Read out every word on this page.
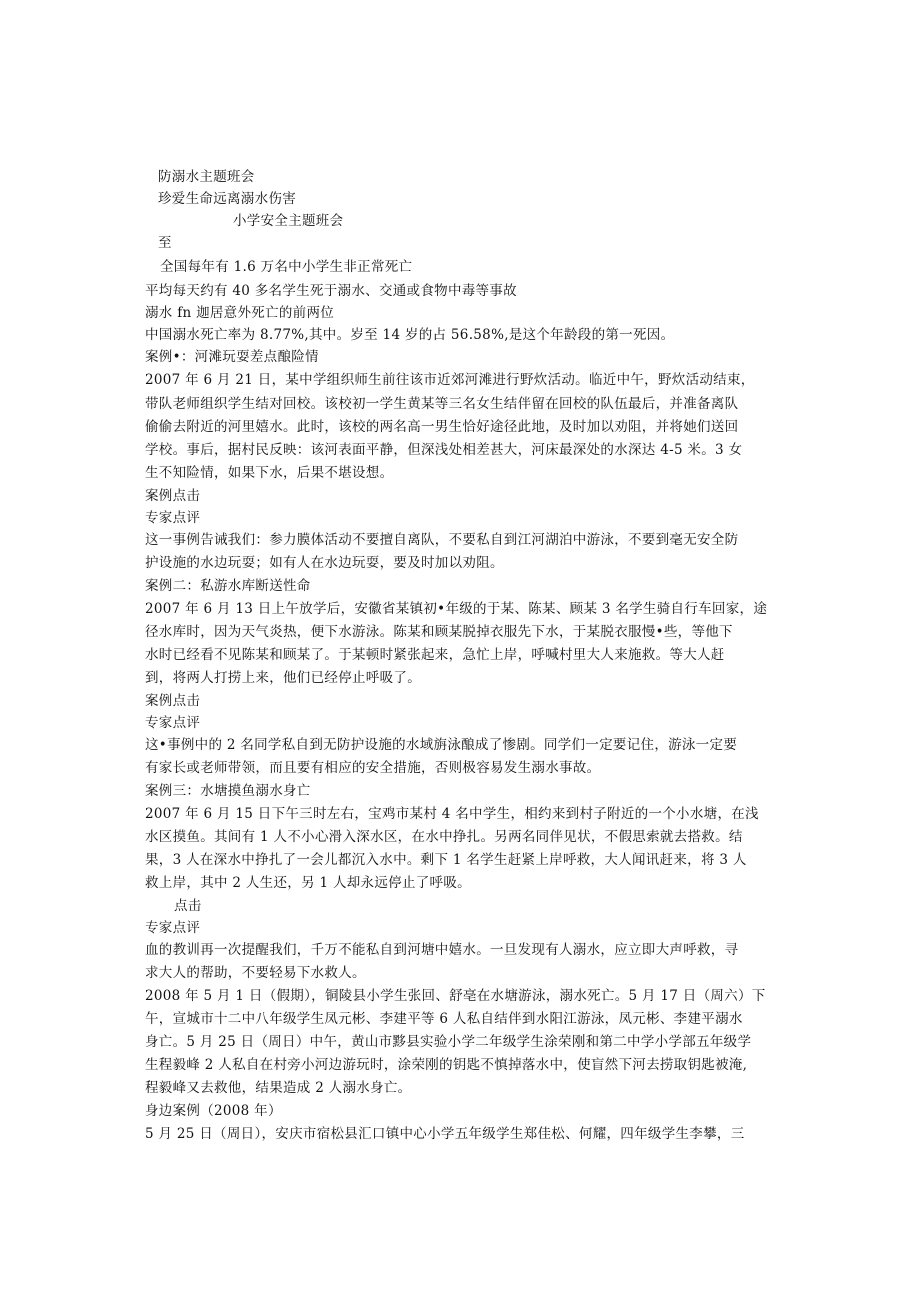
防溺水主题班会
珍爱生命远离溺水伤害
小学安全主题班会
至
全国每年有 1.6 万名中小学生非正常死亡
平均每天约有 40 多名学生死于溺水、交通或食物中毒等事故
溺水 fn 迦居意外死亡的前两位
中国溺水死亡率为 8.77%,其中。岁至 14 岁的占 56.58%,是这个年龄段的第一死因。
案例•：河滩玩耍差点酿险情
2007 年 6 月 21 日，某中学组织师生前往该市近郊河滩进行野炊活动。临近中午，野炊活动结束，
带队老师组织学生结对回校。该校初一学生黄某等三名女生结伴留在回校的队伍最后，并准备离队
偷偷去附近的河里嬉水。此时，该校的两名高一男生恰好途径此地，及时加以劝阻，并将她们送回
学校。事后，据村民反映：该河表面平静，但深浅处相差甚大，河床最深处的水深达 4-5 米。3 女
生不知险情，如果下水，后果不堪设想。
案例点击
专家点评
这一事例告诫我们：参力膜体活动不要擅自离队，不要私自到江河湖泊中游泳，不要到毫无安全防
护设施的水边玩耍；如有人在水边玩耍，要及时加以劝阻。
案例二：私游水库断送性命
2007 年 6 月 13 日上午放学后，安徽省某镇初•年级的于某、陈某、顾某 3 名学生骑自行车回家，途
径水库时，因为天气炎热，便下水游泳。陈某和顾某脱掉衣服先下水，于某脱衣服慢•些，等他下
水时已经看不见陈某和顾某了。于某顿时紧张起来，急忙上岸，呼喊村里大人来施救。等大人赶
到，将两人打捞上来，他们已经停止呼吸了。
案例点击
专家点评
这•事例中的 2 名同学私自到无防护设施的水域旃泳酿成了惨剧。同学们一定要记住，游泳一定要
有家长或老师带领，而且要有相应的安全措施，否则极容易发生溺水事故。
案例三：水塘摸鱼溺水身亡
2007 年 6 月 15 日下午三时左右，宝鸡市某村 4 名中学生，相约来到村子附近的一个小水塘，在浅
水区摸鱼。其间有 1 人不小心滑入深水区，在水中挣扎。另两名同伴见状，不假思索就去搭救。结
果，3 人在深水中挣扎了一会儿都沉入水中。剩下 1 名学生赶紧上岸呼救，大人闻讯赶来，将 3 人
救上岸，其中 2 人生还，另 1 人却永远停止了呼吸。
点击
专家点评
血的教训再一次提醒我们，千万不能私自到河塘中嬉水。一旦发现有人溺水，应立即大声呼救，寻
求大人的帮助，不要轻易下水救人。
2008 年 5 月 1 日（假期），铜陵县小学生张回、舒亳在水塘游泳，溺水死亡。5 月 17 日（周六）下
午，宣城市十二中八年级学生凤元彬、李建平等 6 人私自结伴到水阳江游泳，凤元彬、李建平溺水
身亡。5 月 25 日（周日）中午，黄山市黟县实验小学二年级学生涂荣刚和第二中学小学部五年级学
生程毅峰 2 人私自在村旁小河边游玩时，涂荣刚的钥匙不慎掉落水中，使盲然下河去捞取钥匙被淹,
程毅峰又去救他，结果造成 2 人溺水身亡。
身边案例（2008 年）
5 月 25 日（周日），安庆市宿松县汇口镇中心小学五年级学生郑佳松、何耀，四年级学生李攀，三
